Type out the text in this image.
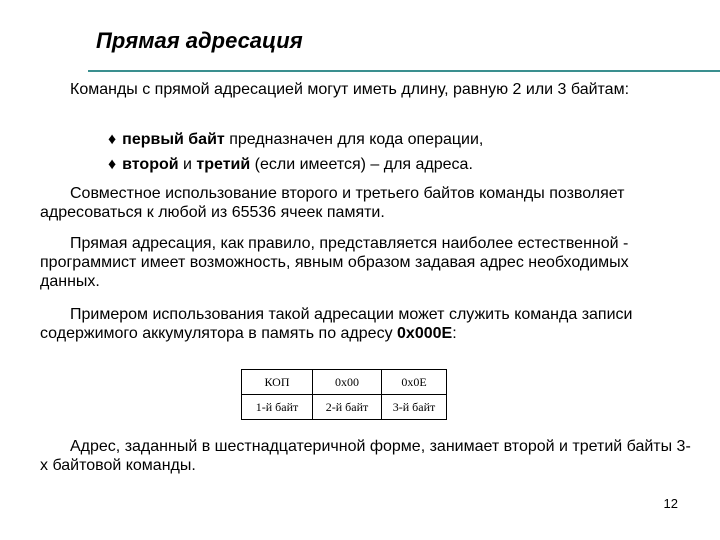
Прямая адресация

Команды с прямой адресацией могут иметь длину, равную 2 или 3 байтам:

♦ первый байт предназначен для кода операции,
♦ второй и третий (если имеется) – для адреса.

Совместное использование второго и третьего байтов команды позволяет адресоваться к любой из 65536 ячеек памяти.

Прямая адресация, как правило, представляется наиболее естественной - программист имеет возможность, явным образом задавая адрес необходимых данных.

Примером использования такой адресации может служить команда записи содержимого аккумулятора в память по адресу 0x000E:

КОП	0x00	0x0E
1-й байт	2-й байт	3-й байт

Адрес, заданный в шестнадцатеричной форме, занимает второй и третий байты 3-х байтовой команды.

12
